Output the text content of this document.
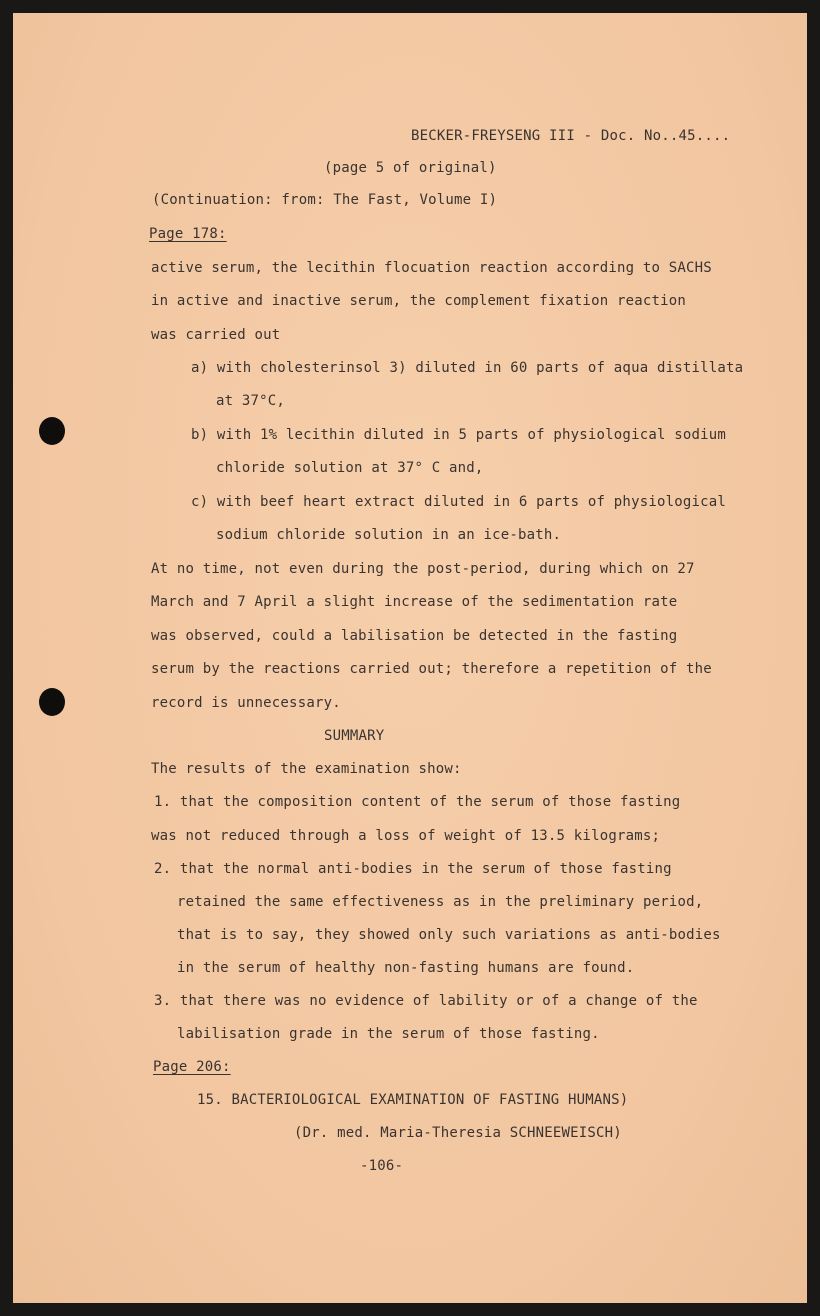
BECKER-FREYSENG III - Doc. No..45....
(page 5 of original)
(Continuation: from: The Fast, Volume I)
Page 178:
active serum, the lecithin flocuation reaction according to SACHS
in active and inactive serum, the complement fixation reaction
was carried out
a) with cholesterinsol 3) diluted in 60 parts of aqua distillata
at 37°C,
b) with 1% lecithin diluted in 5 parts of physiological sodium
chloride solution at 37° C and,
c) with beef heart extract diluted in 6 parts of physiological
sodium chloride solution in an ice-bath.
At no time, not even during the post-period, during which on 27
March and 7 April a slight increase of the sedimentation rate
was observed, could a labilisation be detected in the fasting
serum by the reactions carried out; therefore a repetition of the
record is unnecessary.
SUMMARY
The results of the examination show:
1. that the composition content of the serum of those fasting
was not reduced through a loss of weight of 13.5 kilograms;
2. that the normal anti-bodies in the serum of those fasting
retained the same effectiveness as in the preliminary period,
that is to say, they showed only such variations as anti-bodies
in the serum of healthy non-fasting humans are found.
3. that there was no evidence of lability or of a change of the
labilisation grade in the serum of those fasting.
Page 206:
15. BACTERIOLOGICAL EXAMINATION OF FASTING HUMANS)
(Dr. med. Maria-Theresia SCHNEEWEISCH)
-106-
